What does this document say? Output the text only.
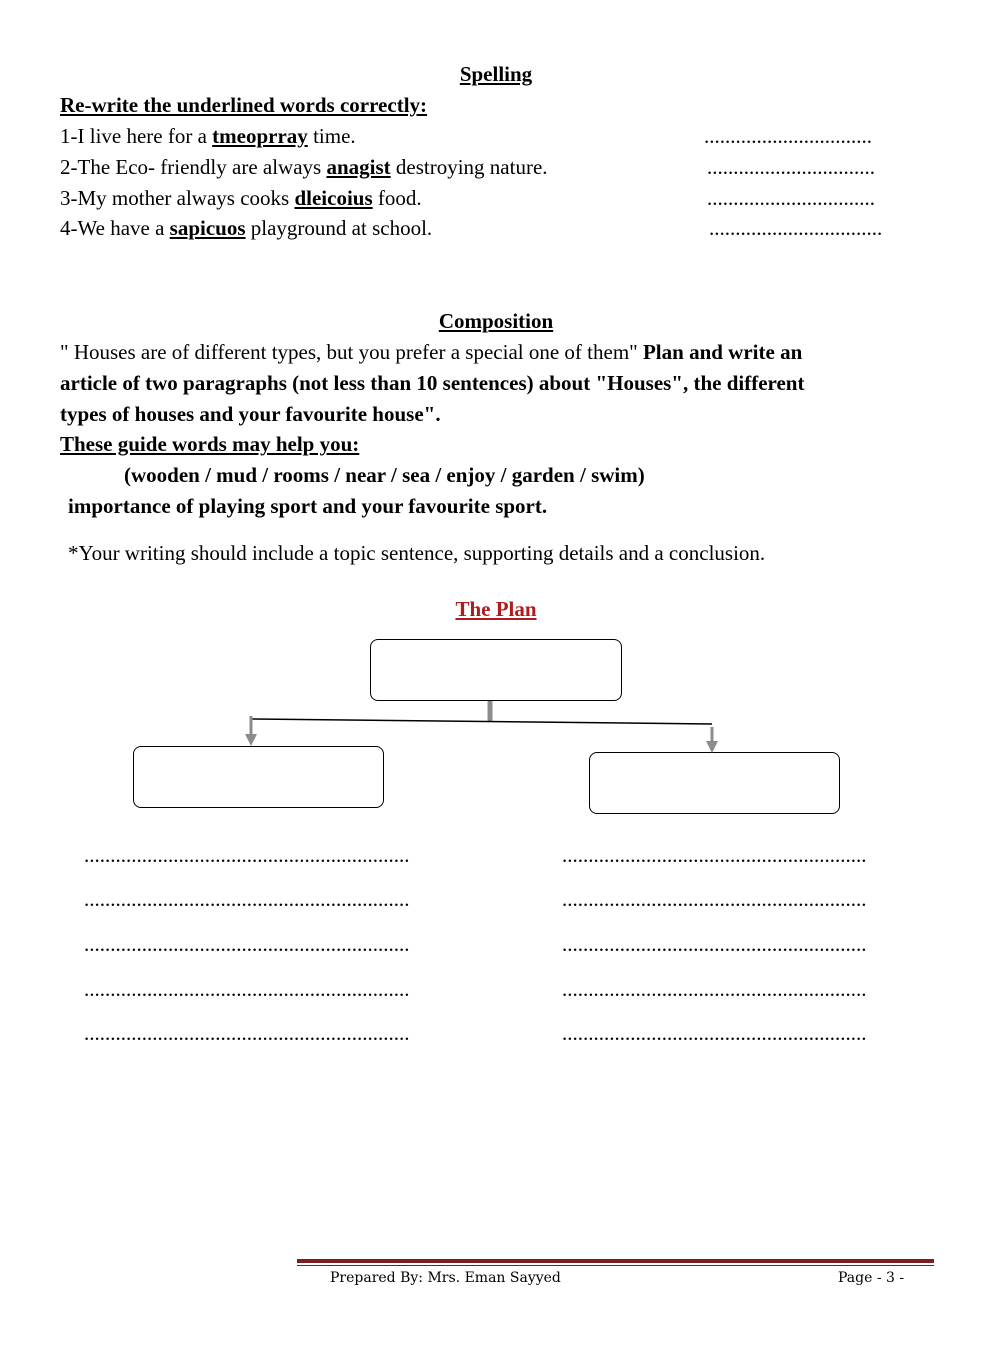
Spelling
Re-write the underlined words correctly:
1-I live here for a tmeoprray time.	................................
2-The Eco- friendly are always anagist destroying nature.	................................
3-My mother always cooks dleicoius food.	................................
4-We have a sapicuos playground at school.	.................................
Composition
" Houses are of different types, but you prefer a special one of them" Plan and write an
article of two paragraphs (not less than 10 sentences) about "Houses", the different
types of houses and your favourite house".
These guide words may help you:
(wooden / mud / rooms / near / sea / enjoy / garden / swim)
importance of playing sport and your favourite sport.
*Your writing should include a topic sentence, supporting details and a conclusion.
The Plan
..............................................................
..............................................................
..............................................................
..............................................................
..............................................................
..........................................................
..........................................................
..........................................................
..........................................................
..........................................................
Prepared By: Mrs. Eman Sayyed	Page - 3 -
